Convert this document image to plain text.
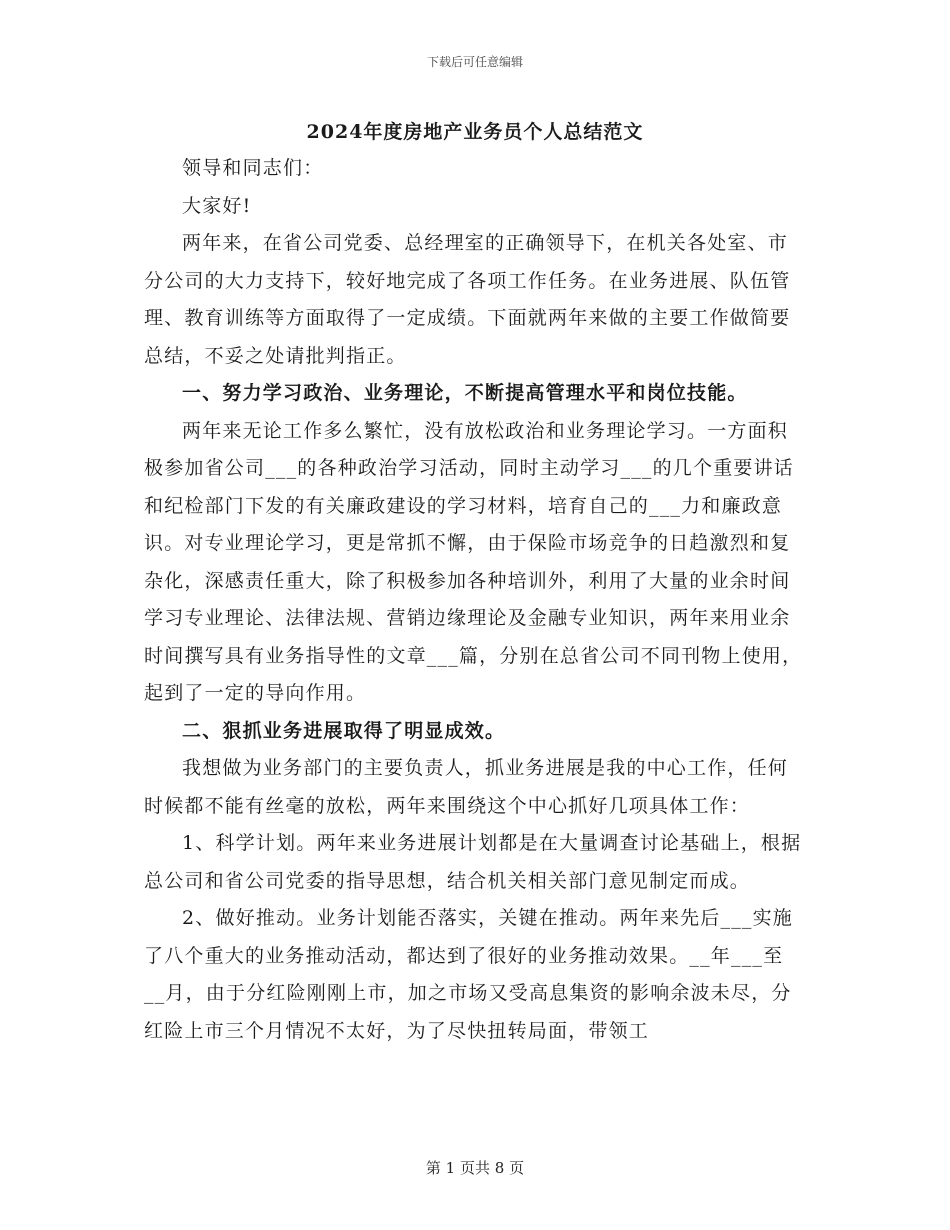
下载后可任意编辑
2024年度房地产业务员个人总结范文

领导和同志们：

大家好!

两年来，在省公司党委、总经理室的正确领导下，在机关各处室、市分公司的大力支持下，较好地完成了各项工作任务。在业务进展、队伍管理、教育训练等方面取得了一定成绩。下面就两年来做的主要工作做简要总结，不妥之处请批判指正。

一、努力学习政治、业务理论，不断提高管理水平和岗位技能。

两年来无论工作多么繁忙，没有放松政治和业务理论学习。一方面积极参加省公司___的各种政治学习活动，同时主动学习___的几个重要讲话和纪检部门下发的有关廉政建设的学习材料，培育自己的___力和廉政意识。对专业理论学习，更是常抓不懈，由于保险市场竞争的日趋激烈和复杂化，深感责任重大，除了积极参加各种培训外，利用了大量的业余时间学习专业理论、法律法规、营销边缘理论及金融专业知识，两年来用业余时间撰写具有业务指导性的文章___篇，分别在总省公司不同刊物上使用，起到了一定的导向作用。

二、狠抓业务进展取得了明显成效。

我想做为业务部门的主要负责人，抓业务进展是我的中心工作，任何时候都不能有丝毫的放松，两年来围绕这个中心抓好几项具体工作：

1、科学计划。两年来业务进展计划都是在大量调查讨论基础上，根据总公司和省公司党委的指导思想，结合机关相关部门意见制定而成。

2、做好推动。业务计划能否落实，关键在推动。两年来先后___实施了八个重大的业务推动活动，都达到了很好的业务推动效果。__年___至__月，由于分红险刚刚上市，加之市场又受高息集资的影响余波未尽，分红险上市三个月情况不太好，为了尽快扭转局面，带领工

第 1 页共 8 页
